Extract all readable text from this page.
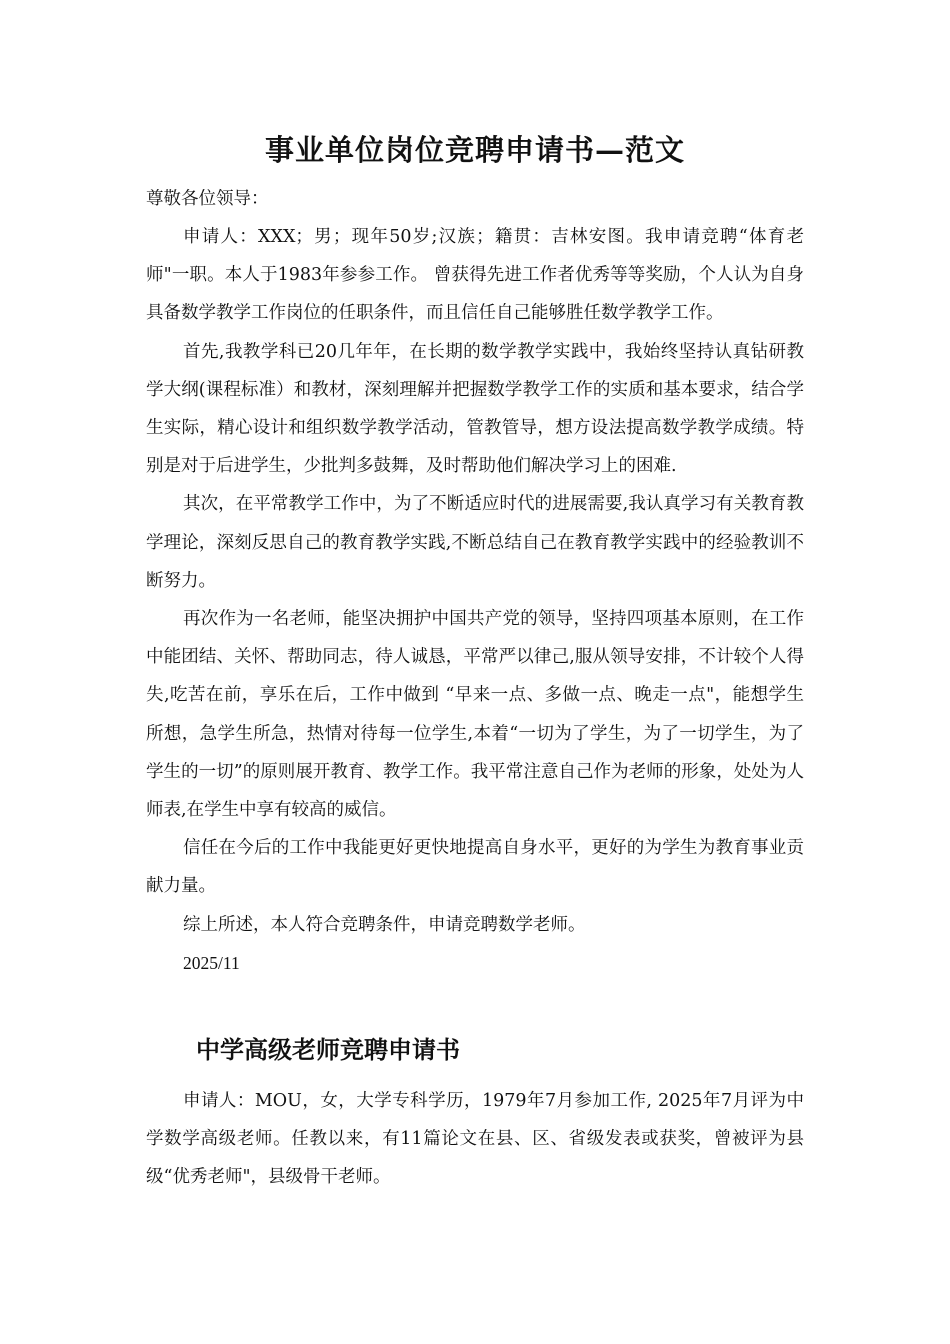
事业单位岗位竞聘申请书—范文
尊敬各位领导：

申请人：XXX；男；现年50岁;汉族；籍贯：吉林安图。我申请竞聘“体育老师"一职。本人于1983年参参工作。 曾获得先进工作者优秀等等奖励，个人认为自身具备数学教学工作岗位的任职条件，而且信任自己能够胜任数学教学工作。

首先,我教学科已20几年年，在长期的数学教学实践中，我始终坚持认真钻研教学大纲(课程标准）和教材，深刻理解并把握数学教学工作的实质和基本要求，结合学生实际，精心设计和组织数学教学活动，管教管导，想方设法提高数学教学成绩。特别是对于后进学生，少批判多鼓舞，及时帮助他们解决学习上的困难.

其次，在平常教学工作中，为了不断适应时代的进展需要,我认真学习有关教育教学理论，深刻反思自己的教育教学实践,不断总结自己在教育教学实践中的经验教训不断努力。

再次作为一名老师，能坚决拥护中国共产党的领导，坚持四项基本原则，在工作中能团结、关怀、帮助同志，待人诚恳，平常严以律己,服从领导安排，不计较个人得失,吃苦在前，享乐在后，工作中做到 “早来一点、多做一点、晚走一点"，能想学生所想，急学生所急，热情对待每一位学生,本着“一切为了学生，为了一切学生，为了学生的一切”的原则展开教育、教学工作。我平常注意自己作为老师的形象，处处为人师表,在学生中享有较高的威信。

信任在今后的工作中我能更好更快地提高自身水平，更好的为学生为教育事业贡献力量。

综上所述，本人符合竞聘条件，申请竞聘数学老师。

2025/11

中学高级老师竞聘申请书

申请人：MOU，女，大学专科学历，1979年7月参加工作, 2025年7月评为中学数学高级老师。任教以来，有11篇论文在县、区、省级发表或获奖，曾被评为县级“优秀老师"，县级骨干老师。
